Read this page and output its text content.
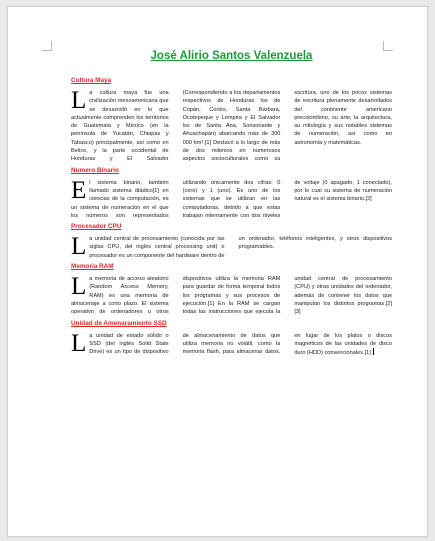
José Alirio Santos Valenzuela
Cultura Maya
L a cultura maya fue una civilización mesoamericana que se desarrolló en lo que actualmente comprenden los territorios de Guatemala y México (en la península de Yucatán, Chiapas y Tabasco) principalmente, así como en Belice, y la parte occidental de Honduras y El Salvador (Correspondiendo a los departamentos respectivos de Honduras los de Copán, Cortés, Santa Bárbara, Ocotepeque y Lempira y El Salvador los de Santa Ana, Sonsonante y Ahuachapán) abarcando más de 300 000 km².[1] Destacó a lo largo de más de dos milenios en numerosos aspectos socioculturales como su escritura, uno de los pocos sistemas de escritura plenamente desarrollados del continente americano precolombino, su arte, la arquitectura, su mitología y sus notables sistemas de numeración, así como en astronomía y matemáticas.
Numero Binario
E l sistema binario, también llamado sistema diádico[1] en ciencias de la computación, es un sistema de numeración en el que los números son representados utilizando únicamente dos cifras: 0 (cero) y 1 (uno). Es uno de los sistemas que se utilizan en las computadoras, debido a que estas trabajan internamente con dos niveles de voltaje (0 apagado, 1 conectado), por lo cual su sistema de numeración natural es el sistema binario.[2]
Procesador CPU
L a unidad central de procesamiento (conocida por las siglas CPU, del inglés central processing unit) o procesador es un componente del hardware dentro de un ordenador, teléfonos inteligentes, y otros dispositivos programables.
Memoria RAM
L a memoria de acceso aleatorio (Random Access Memory, RAM) es una memoria de almacenaje a corto plazo. El sistema operativo de ordenadores u otros dispositivos utiliza la memoria RAM para guardar de forma temporal todos los programas y sus procesos de ejecución.[1] En la RAM se cargan todas las instrucciones que ejecuta la unidad central de procesamiento (CPU) y otras unidades del ordenador, además de contener los datos que manipulan los distintos programas.[2][3]
Unidad de Amenaramiento SSD
L a unidad de estado sólido o SSD (del inglés Solid State Drive) es un tipo de dispositivo de almacenamiento de datos que utiliza memoria no volátil, como la memoria flash, para almacenar datos, en lugar de los platos o discos magnéticos de las unidades de disco duro (HDD) convencionales.[1]
